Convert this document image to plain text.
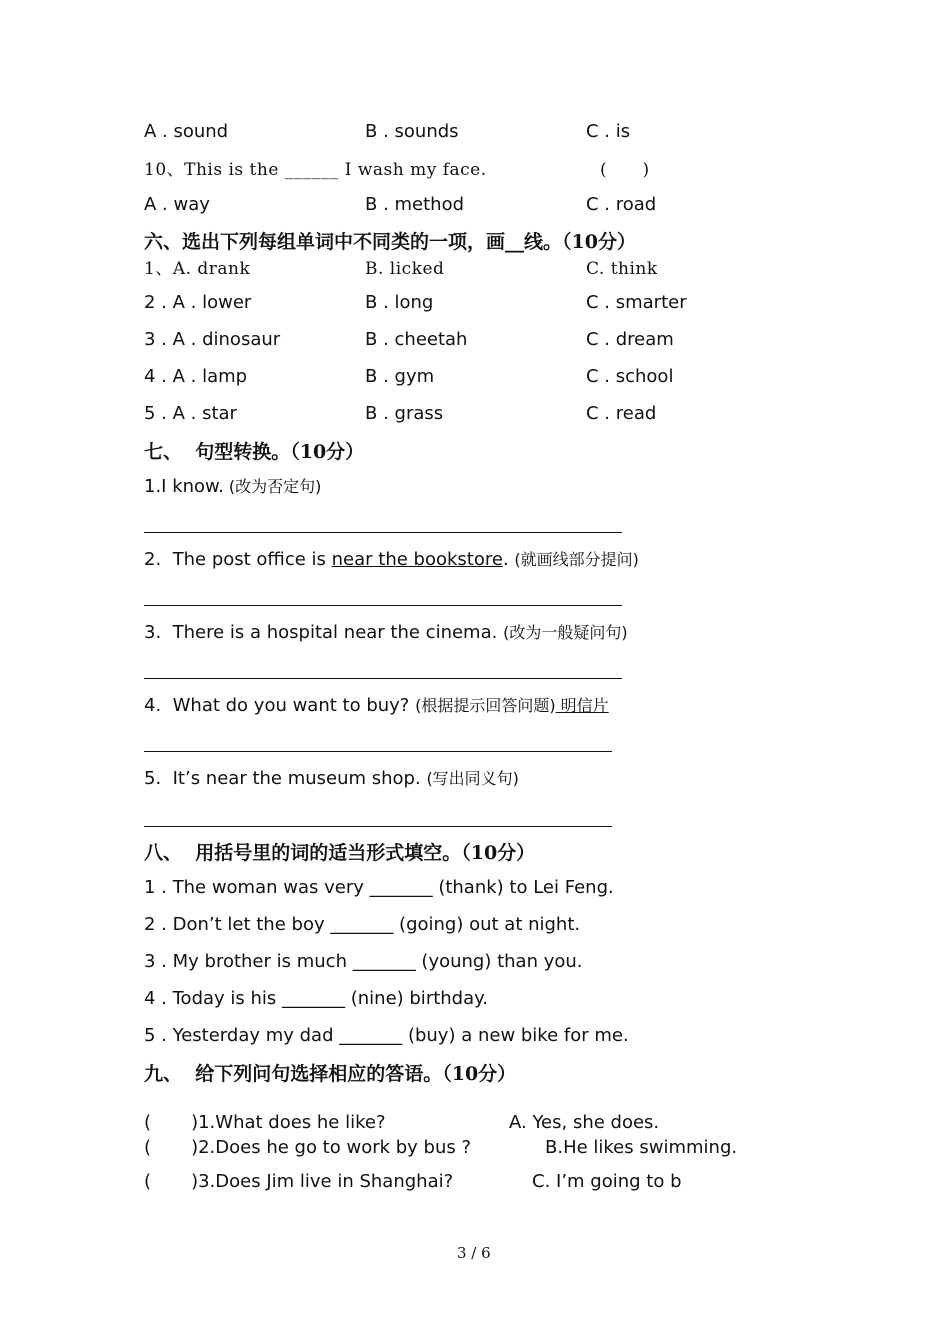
A . sound	B . sounds	C . is
10、This is the ______ I wash my face.	(      )
A . way	B . method	C . road
六、选出下列每组单词中不同类的一项，画__线。（10分）
1、A. drank	B. licked	C. think
2 . A . lower	B . long	C . smarter
3 . A . dinosaur	B . cheetah	C . dream
4 . A . lamp	B . gym	C . school
5 . A . star	B . grass	C . read
七、  句型转换。（10分）
1.I know. (改为否定句)
2.  The post office is near the bookstore. (就画线部分提问)
3.  There is a hospital near the cinema. (改为一般疑问句)
4.  What do you want to buy? (根据提示回答问题) 明信片
5.  It’s near the museum shop. (写出同义句)
八、  用括号里的词的适当形式填空。（10分）
1 . The woman was very _______ (thank) to Lei Feng.
2 . Don’t let the boy _______ (going) out at night.
3 . My brother is much _______ (young) than you.
4 . Today is his _______ (nine) birthday.
5 . Yesterday my dad _______ (buy) a new bike for me.
九、  给下列问句选择相应的答语。（10分）
(       )1.What does he like?	A. Yes, she does.
(       )2.Does he go to work by bus ?	B.He likes swimming.
(       )3.Does Jim live in Shanghai?	C. I’m going to b
3 / 6
